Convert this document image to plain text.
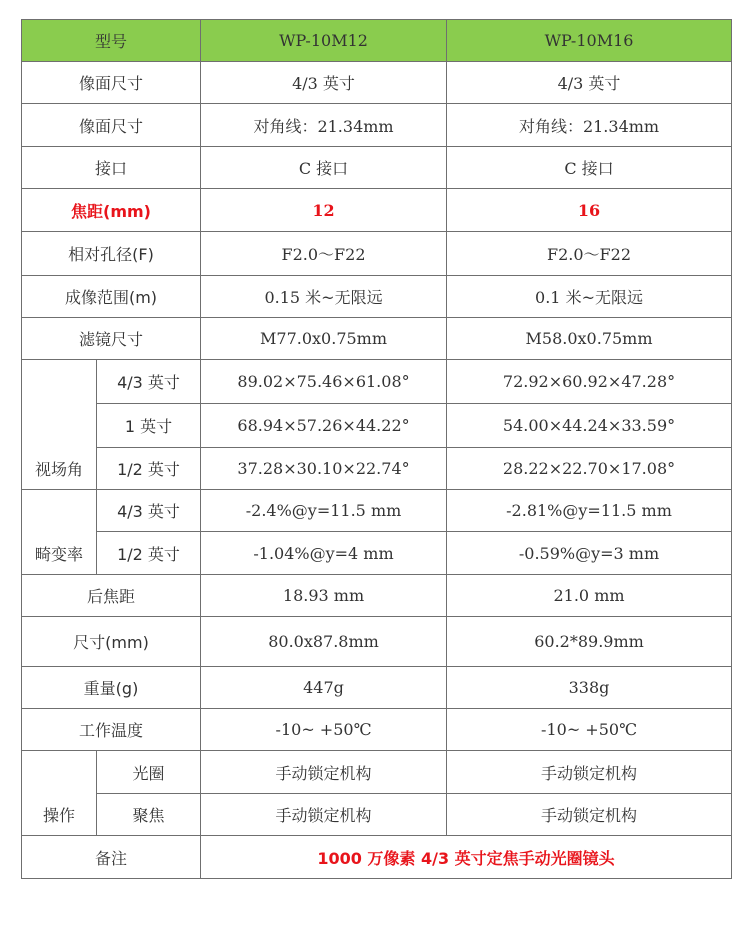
型号		WP-10M12	WP-10M16
像面尺寸		4/3 英寸	4/3 英寸
像面尺寸		对角线：21.34mm	对角线：21.34mm
接口		C 接口	C 接口
焦距(mm)		12	16
相对孔径(F)		F2.0～F22	F2.0～F22
成像范围(m)		0.15 米~无限远	0.1 米~无限远
滤镜尺寸		M77.0x0.75mm	M58.0x0.75mm
视场角	4/3 英寸	89.02×75.46×61.08°	72.92×60.92×47.28°
	1 英寸	68.94×57.26×44.22°	54.00×44.24×33.59°
	1/2 英寸	37.28×30.10×22.74°	28.22×22.70×17.08°
畸变率	4/3 英寸	-2.4%@y=11.5 mm	-2.81%@y=11.5 mm
	1/2 英寸	-1.04%@y=4 mm	-0.59%@y=3 mm
后焦距		18.93 mm	21.0 mm
尺寸(mm)		80.0x87.8mm	60.2*89.9mm
重量(g)		447g	338g
工作温度		-10~ +50℃	-10~ +50℃
操作	光圈	手动锁定机构	手动锁定机构
	聚焦	手动锁定机构	手动锁定机构
备注		1000 万像素 4/3 英寸定焦手动光圈镜头	
